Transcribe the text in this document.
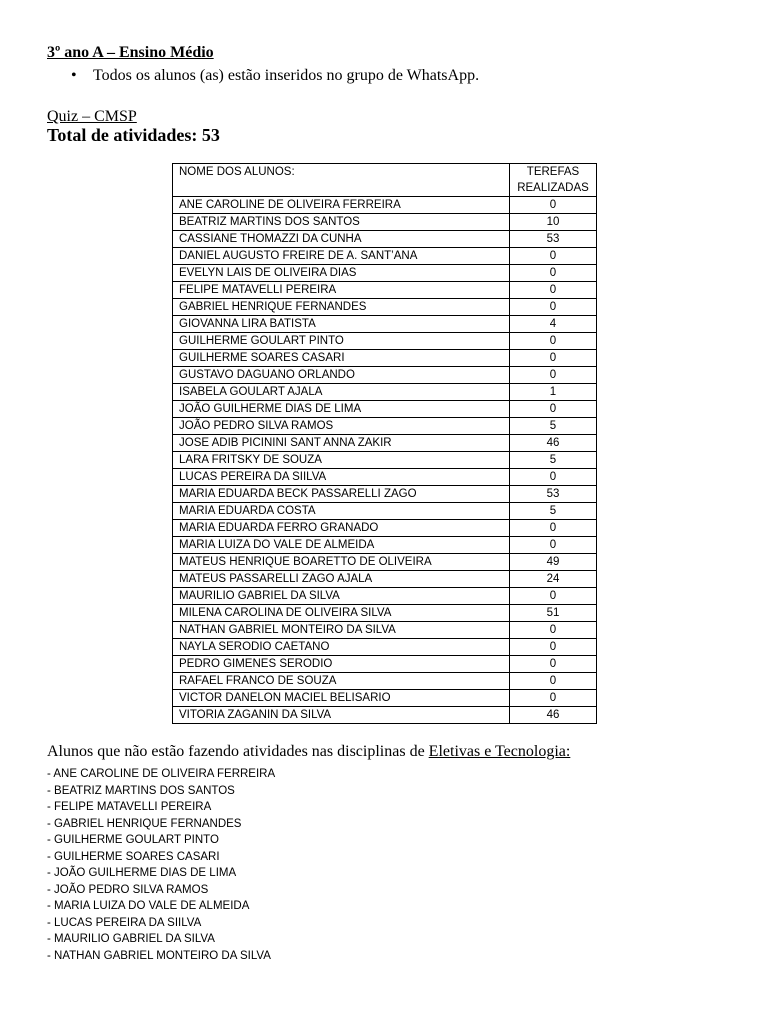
3º ano A – Ensino Médio
• Todos os alunos (as) estão inseridos no grupo de WhatsApp.
Quiz – CMSP
Total de atividades: 53
NOME DOS ALUNOS:	TEREFAS
REALIZADAS

ANE CAROLINE DE OLIVEIRA FERREIRA	0
BEATRIZ MARTINS DOS SANTOS	10
CASSIANE THOMAZZI DA CUNHA	53
DANIEL AUGUSTO FREIRE DE A. SANT’ANA	0
EVELYN LAIS DE OLIVEIRA DIAS	0
FELIPE MATAVELLI PEREIRA	0
GABRIEL HENRIQUE FERNANDES	0
GIOVANNA LIRA BATISTA	4
GUILHERME GOULART PINTO	0
GUILHERME SOARES CASARI	0
GUSTAVO DAGUANO ORLANDO	0
ISABELA GOULART AJALA	1
JOÃO GUILHERME DIAS DE LIMA	0
JOÃO PEDRO SILVA RAMOS	5
JOSE ADIB PICININI SANT ANNA ZAKIR	46
LARA FRITSKY DE SOUZA	5
LUCAS PEREIRA DA SIILVA	0
MARIA EDUARDA BECK PASSARELLI ZAGO	53
MARIA EDUARDA COSTA	5
MARIA EDUARDA FERRO GRANADO	0
MARIA LUIZA DO VALE DE ALMEIDA	0
MATEUS HENRIQUE BOARETTO DE OLIVEIRA	49
MATEUS PASSARELLI ZAGO AJALA	24
MAURILIO GABRIEL DA SILVA	0
MILENA CAROLINA DE OLIVEIRA SILVA	51
NATHAN GABRIEL MONTEIRO DA SILVA	0
NAYLA SERODIO CAETANO	0
PEDRO GIMENES SERODIO	0
RAFAEL FRANCO DE SOUZA	0
VICTOR DANELON MACIEL BELISARIO	0
VITORIA ZAGANIN DA SILVA	46
Alunos que não estão fazendo atividades nas disciplinas de Eletivas e Tecnologia:
- ANE CAROLINE DE OLIVEIRA FERREIRA
- BEATRIZ MARTINS DOS SANTOS
- FELIPE MATAVELLI PEREIRA
- GABRIEL HENRIQUE FERNANDES
- GUILHERME GOULART PINTO
- GUILHERME SOARES CASARI
- JOÃO GUILHERME DIAS DE LIMA
- JOÃO PEDRO SILVA RAMOS
- MARIA LUIZA DO VALE DE ALMEIDA
- LUCAS PEREIRA DA SIILVA
- MAURILIO GABRIEL DA SILVA
- NATHAN GABRIEL MONTEIRO DA SILVA
